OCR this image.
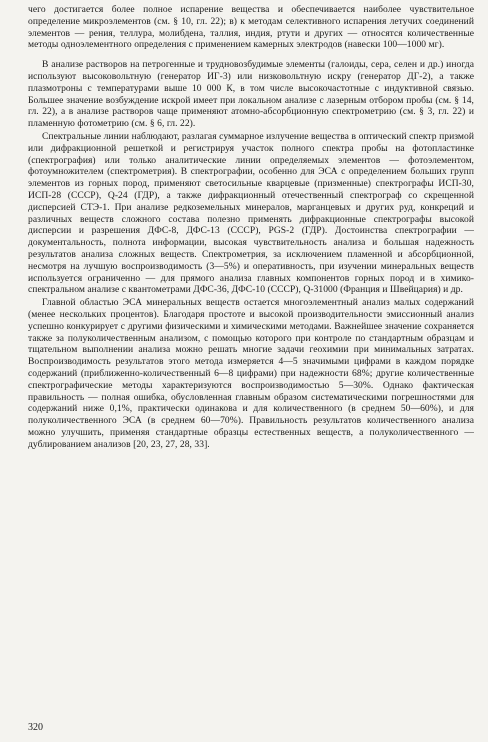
чего достигается более полное испарение вещества и обеспечивается наиболее чувствительное определение микроэлементов (см. § 10, гл. 22); в) к методам селективного испарения летучих соединений элементов — рения, теллура, молибдена, таллия, индия, ртути и других — относятся количественные методы одноэлементного определения с применением камерных электродов (навески 100—1000 мг).

В анализе растворов на петрогенные и трудновозбудимые элементы (галоиды, сера, селен и др.) иногда используют высоковольтную (генератор ИГ-3) или низковольтную искру (генератор ДГ-2), а также плазмотроны с температурами выше 10 000 К, в том числе высокочастотные с индуктивной связью. Большее значение возбуждение искрой имеет при локальном анализе с лазерным отбором пробы (см. § 14, гл. 22), а в анализе растворов чаще применяют атомно-абсорбционную спектрометрию (см. § 3, гл. 22) и пламенную фотометрию (см. § 6, гл. 22).

Спектральные линии наблюдают, разлагая суммарное излучение вещества в оптический спектр призмой или дифракционной решеткой и регистрируя участок полного спектра пробы на фотопластинке (спектрография) или только аналитические линии определяемых элементов — фотоэлементом, фотоумножителем (спектрометрия). В спектрографии, особенно для ЭСА с определением больших групп элементов из горных пород, применяют светосильные кварцевые (призменные) спектрографы ИСП-30, ИСП-28 (СССР), Q-24 (ГДР), а также дифракционный отечественный спектрограф со скрещенной дисперсией СТЭ-1. При анализе редкоземельных минералов, марганцевых и других руд, конкреций и различных веществ сложного состава полезно применять дифракционные спектрографы высокой дисперсии и разрешения ДФС-8, ДФС-13 (СССР), PGS-2 (ГДР). Достоинства спектрографии — документальность, полнота информации, высокая чувствительность анализа и большая надежность результатов анализа сложных веществ. Спектрометрия, за исключением пламенной и абсорбционной, несмотря на лучшую воспроизводимость (3—5%) и оперативность, при изучении минеральных веществ используется ограниченно — для прямого анализа главных компонентов горных пород и в химико-спектральном анализе с квантометрами ДФС-36, ДФС-10 (СССР), Q-31000 (Франция и Швейцария) и др.

Главной областью ЭСА минеральных веществ остается многоэлементный анализ малых содержаний (менее нескольких процентов). Благодаря простоте и высокой производительности эмиссионный анализ успешно конкурирует с другими физическими и химическими методами. Важнейшее значение сохраняется также за полуколичественным анализом, с помощью которого при контроле по стандартным образцам и тщательном выполнении анализа можно решать многие задачи геохимии при минимальных затратах. Воспроизводимость результатов этого метода измеряется 4—5 значимыми цифрами в каждом порядке содержаний (приближенно-количественный 6—8 цифрами) при надежности 68%; другие количественные спектрографические методы характеризуются воспроизводимостью 5—30%. Однако фактическая правильность — полная ошибка, обусловленная главным образом систематическими погрешностями для содержаний ниже 0,1%, практически одинакова и для количественного (в среднем 50—60%), и для полуколичественного ЭСА (в среднем 60—70%). Правильность результатов количественного анализа можно улучшить, применяя стандартные образцы естественных веществ, а полуколичественного — дублированием анализов [20, 23, 27, 28, 33].

320
